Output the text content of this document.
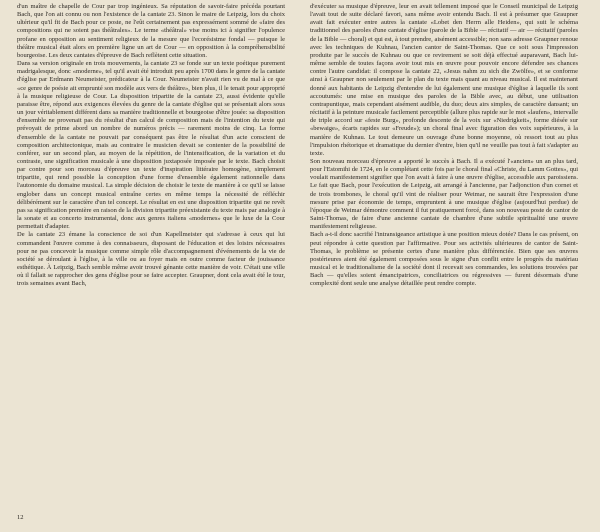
d'un maître de chapelle de Cour par trop ingénieux. Sa réputation de savoir-faire précéda pourtant Bach, que l'on ait connu ou non l'existence de la cantate 23. Sinon le maire de Leipzig, lors du choix ultérieur qu'il fit de Bach pour ce poste, ne l'eût certainement pas expressément sommé de «faire des compositions qui ne soient pas théâtrales». Le terme «théâtral» vise moins ici à signifier l'opulence profane en opposition au sentiment religieux de la mesure que l'ecorésistme fondal — puisque le théâtre musical était alors en première ligne un art de Cour — en opposition à la compréhensibilité bourgeoise. Les deux cantates d'épreuve de Bach reflètent cette situation.

Dans sa version originale en trois mouvements, la cantate 23 se fonde sur un texte poétique purement madrigalesque, donc «moderne», tel qu'il avait été introduit peu après 1700 dans le genre de la cantate d'église par Erdmann Neumeister, prédicateur à la Cour. Neumeister n'avait rien vu de mal à ce que «ce genre de poésie ait emprunté son modèle aux vers de théâtre», bien plus, il le tenait pour approprié à la musique religieuse de Cour. La disposition tripartite de la cantate 23, aussi évidente qu'elle paraisse être, répond aux exigences élevées du genre de la cantate d'église qui se présentait alors sous un jour véritablement différent dans sa manière traditionnelle et bourgeoise d'être jouée: sa disposition d'ensemble ne provenait pas du résultat d'un calcul de composition mais de l'intention du texte qui prévoyait de prime abord un nombre de numéros précis — rarement moins de cinq. La forme d'ensemble de la cantate ne pouvait par conséquent pas être le résultat d'un acte conscient de composition architectonique, mais au contraire le musicien devait se contenter de la possibilité de conférer, sur un second plan, au moyen de la répétition, de l'intensification, de la variation et du contraste, une signification musicale à une disposition juxtaposée imposée par le texte. Bach choisit par contre pour son morceau d'épreuve un texte d'inspiration littéraire homogène, simplement tripartite, qui rend possible la conception d'une forme d'ensemble également rationnelle dans l'autonomie du domaine musical. La simple décision de choisir le texte de manière à ce qu'il se laisse englober dans un concept musical entraîne certes en même temps la nécessité de réfléchir délibérément sur le caractère d'un tel concept. Le résultat en est une disposition tripartite qui ne revêt pas sa signification première en raison de la division tripartite préexistante du texte mais par analogie à la sonate et au concerto instrumental, donc aux genres italiens «modernes» que le luxe de la Cour permettait d'adapter.

De la cantate 23 émane la conscience de soi d'un Kapellmeister qui s'adresse à ceux qui lui commandent l'œuvre comme à des connaisseurs, disposant de l'éducation et des loisirs nécessaires pour ne pas concevoir la musique comme simple rôle d'accompagnement d'événements de la vie de société se déroulant à l'église, à la ville ou au foyer mais en outre comme facteur de jouissance esthétique. À Leipzig, Bach semble même avoir trouvé génante cette manière de voir. C'était une ville où il fallait se rapprocher des gens d'église pour se faire accepter. Graupner, dont cela avait été le tour, trois semaines avant Bach,

d'exécuter sa musique d'épreuve, leur en avait tellement imposé que le Conseil municipal de Leipzig l'avait tout de suite déclaré favori, sans même avoir entendu Bach. Il est à présumer que Graupner avait fait exécuter entre autres la cantate «Lobet den Herrn alle Heiden», qui suit le schéma traditionnel des paroles d'une cantate d'église (parole de la Bible — récitatif — air — récitatif (paroles de la Bible — choral) et qui est, à tout prendre, aisément accessible; non sans adresse Graupner renoue avec les techniques de Kuhnau, l'ancien cantor de Saint-Thomas. Que ce soit sous l'impression produite par le succès de Kuhnau ou que ce revirement se soit déjà effectué auparavant, Bach lui-même semble de toutes façons avoir tout mis en œuvre pour pouvoir encore défendre ses chances contre l'autre candidat: il compose la cantate 22, «Jesus nahm zu sich die Zwölfe», et se conforme ainsi à Graupner non seulement par le plan du texte mais quant au niveau musical. Il est maintenant donné aux habitants de Leipzig d'entendre de lui également une musique d'église à laquelle ils sont accoutumés: une mise en musique des paroles de la Bible avec, au début, une utilisation contrapuntique, mais cependant aisément audible, du duo; deux airs simples, de caractère dansant; un récitatif à la peinture musicale facilement perceptible (allure plus rapide sur le mot «laufen», intervalle de triple accord sur «feste Burg», profonde descente de la voix sur «Niedrigkeit», forme diésée sur «bewaige», écarts rapides sur «Freude»); un choral final avec figuration des voix supérieures, à la manière de Kuhnau. Le tout demeure un ouvrage d'une bonne moyenne, où ressort tout au plus l'impulsion rhétorique et dramatique du dernier d'entre, bien qu'il ne veuille pas tout à fait s'adapter au texte.

Son nouveau morceau d'épreuve a apporté le succès à Bach. Il a exécuté l'«ancien» un an plus tard, pour l'Estomihi de 1724, en le complétant cette fois par le choral final «Christe, du Lamm Gottes», qui voulait manifestement signifier que l'on avait à faire à une œuvre d'église, accessible aux paroissiens. Le fait que Bach, pour l'exécution de Leipzig, ait arrangé à l'ancienne, par l'adjonction d'un cornet et de trois trombones, le choral qu'il vint de réaliser pour Weimar, ne saurait être l'expression d'une mesure prise par économie de temps, empruntent à une musique d'église (aujourd'hui perdue) de l'époque de Weimar démontre comment il fut pratiquement forcé, dans son nouveau poste de cantor de Saint-Thomas, de faire d'une ancienne cantate de chambre d'une subtile spiritualité une œuvre manifestement religieuse.

Bach a-t-il donc sacrifié l'intransigeance artistique à une position mieux dotée? Dans le cas présent, on peut répondre à cette question par l'affirmative. Pour ses activités ultérieures de cantor de Saint-Thomas, le problème se présente certes d'une manière plus différenciée. Bien que ses œuvres postérieures aient été également composées sous le signe d'un conflit entre le progrès du matériau musical et le traditionalisme de la société dont il recevait ses commandes, les solutions trouvées par Bach — qu'elles soient émancipatrices, conciliatrices ou régressives — furent désormais d'une complexité dont seule une analyse détaillée peut rendre compte.

12
